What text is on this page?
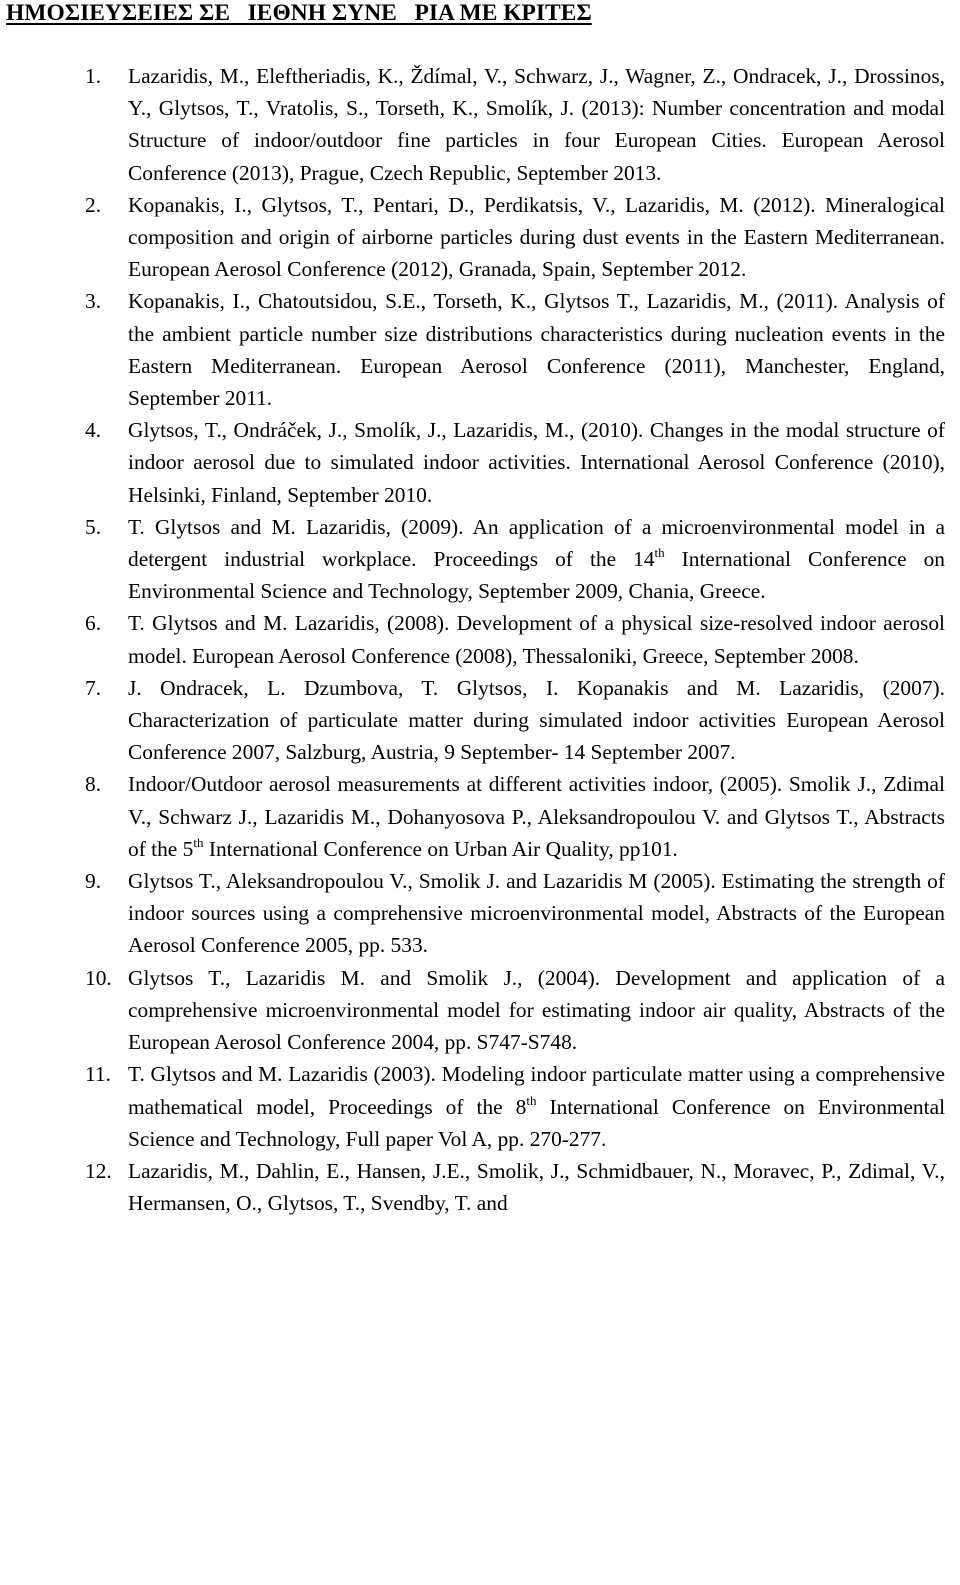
ΗΜΟΣΙΕΥΣΕΙΕΣ ΣΕ   ΙΕΘΝΗ ΣΥΝΕ   ΡΙΑ ΜΕ ΚΡΙΤΕΣ
1.	Lazaridis, M., Eleftheriadis, K., Ždímal, V., Schwarz, J., Wagner, Z., Ondracek, J., Drossinos, Y., Glytsos, T., Vratolis, S., Torseth, K., Smolík, J. (2013): Number concentration and modal Structure of indoor/outdoor fine particles in four European Cities. European Aerosol Conference (2013), Prague, Czech Republic, September 2013.
2.	Kopanakis, I., Glytsos, T., Pentari, D., Perdikatsis, V., Lazaridis, M. (2012). Mineralogical composition and origin of airborne particles during dust events in the Eastern Mediterranean. European Aerosol Conference (2012), Granada, Spain, September 2012.
3.	Kopanakis, I., Chatoutsidou, S.E., Torseth, K., Glytsos T., Lazaridis, M., (2011). Analysis of the ambient particle number size distributions characteristics during nucleation events in the Eastern Mediterranean. European Aerosol Conference (2011), Manchester, England, September 2011.
4.	Glytsos, T., Ondráček, J., Smolík, J., Lazaridis, M., (2010). Changes in the modal structure of indoor aerosol due to simulated indoor activities. International Aerosol Conference (2010), Helsinki, Finland, September 2010.
5.	T. Glytsos and M. Lazaridis, (2009). An application of a microenvironmental model in a detergent industrial workplace. Proceedings of the 14th International Conference on Environmental Science and Technology, September 2009, Chania, Greece.
6.	T. Glytsos and M. Lazaridis, (2008). Development of a physical size-resolved indoor aerosol model. European Aerosol Conference (2008), Thessaloniki, Greece, September 2008.
7.	J. Ondracek, L. Dzumbova, T. Glytsos, I. Kopanakis and M. Lazaridis, (2007). Characterization of particulate matter during simulated indoor activities European Aerosol Conference 2007, Salzburg, Austria, 9 September- 14 September 2007.
8.	Indoor/Outdoor aerosol measurements at different activities indoor, (2005). Smolik J., Zdimal V., Schwarz J., Lazaridis M., Dohanyosova P., Aleksandropoulou V. and Glytsos T., Abstracts of the 5th International Conference on Urban Air Quality, pp101.
9.	Glytsos T., Aleksandropoulou V., Smolik J. and Lazaridis M (2005). Estimating the strength of indoor sources using a comprehensive microenvironmental model, Abstracts of the European Aerosol Conference 2005, pp. 533.
10. Glytsos T., Lazaridis M. and Smolik J., (2004). Development and application of a comprehensive microenvironmental model for estimating indoor air quality, Abstracts of the European Aerosol Conference 2004, pp. S747-S748.
11. T. Glytsos and M. Lazaridis (2003). Modeling indoor particulate matter using a comprehensive mathematical model, Proceedings of the 8th International Conference on Environmental Science and Technology, Full paper Vol A, pp. 270-277.
12. Lazaridis, M., Dahlin, E., Hansen, J.E., Smolik, J., Schmidbauer, N., Moravec, P., Zdimal, V., Hermansen, O., Glytsos, T., Svendby, T. and
